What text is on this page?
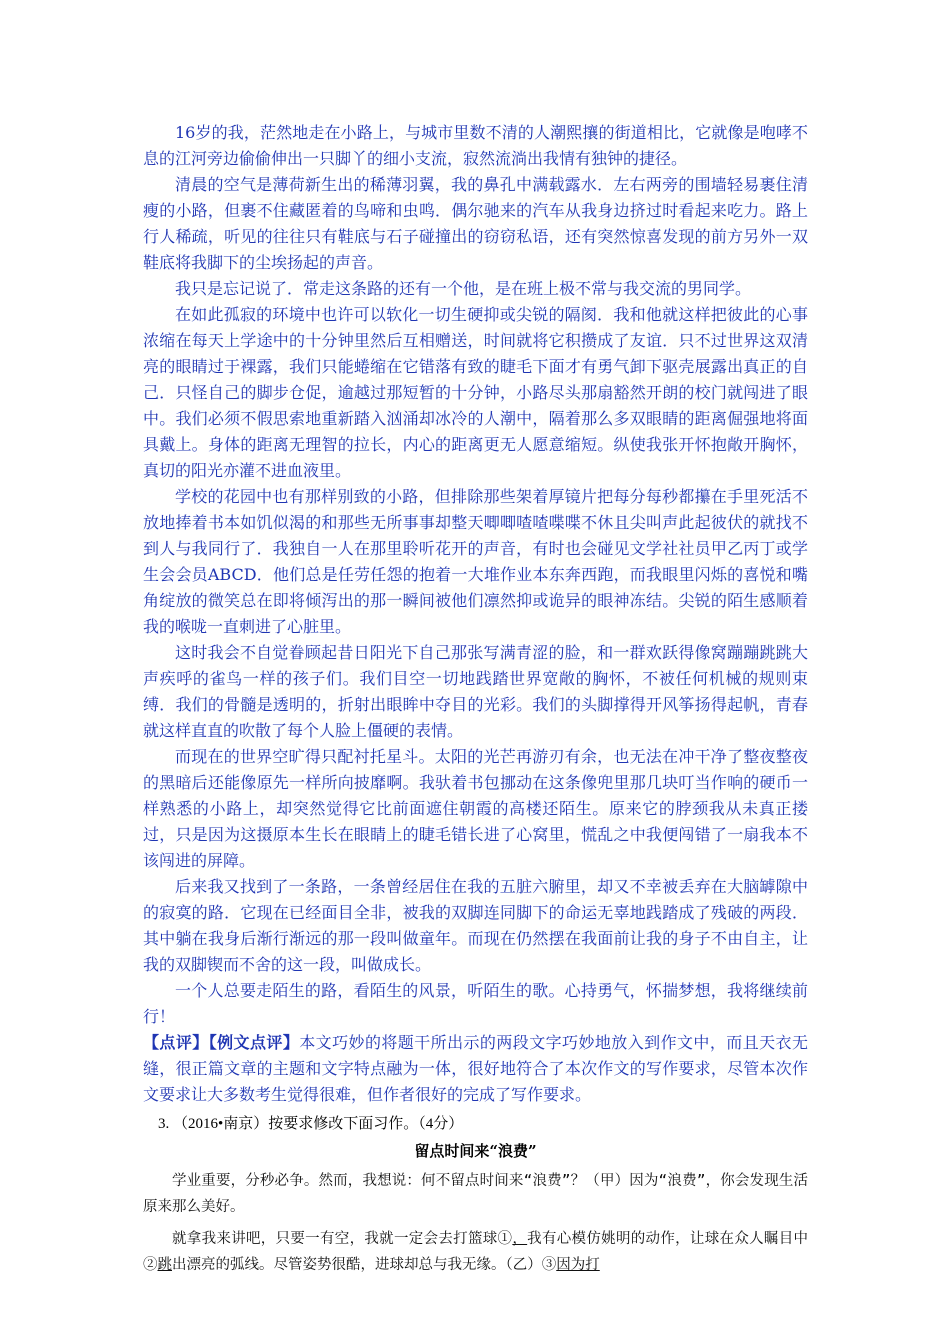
16岁的我，茫然地走在小路上，与城市里数不清的人潮熙攘的街道相比，它就像是咆哮不息的江河旁边偷偷伸出一只脚丫的细小支流，寂然流淌出我情有独钟的捷径。

清晨的空气是薄荷新生出的稀薄羽翼，我的鼻孔中满载露水．左右两旁的围墙轻易裹住清瘦的小路，但裹不住藏匿着的鸟啼和虫鸣．偶尔驰来的汽车从我身边挤过时看起来吃力。路上行人稀疏，听见的往往只有鞋底与石子碰撞出的窃窃私语，还有突然惊喜发现的前方另外一双鞋底将我脚下的尘埃扬起的声音。

我只是忘记说了．常走这条路的还有一个他，是在班上极不常与我交流的男同学。

在如此孤寂的环境中也许可以软化一切生硬抑或尖锐的隔阂．我和他就这样把彼此的心事浓缩在每天上学途中的十分钟里然后互相赠送，时间就将它积攒成了友谊．只不过世界这双清亮的眼睛过于裸露，我们只能蜷缩在它错落有致的睫毛下面才有勇气卸下驱壳展露出真正的自己．只怪自己的脚步仓促，逾越过那短暂的十分钟，小路尽头那扇豁然开朗的校门就闯进了眼中。我们必须不假思索地重新踏入汹涌却冰冷的人潮中，隔着那么多双眼睛的距离倔强地将面具戴上。身体的距离无理智的拉长，内心的距离更无人愿意缩短。纵使我张开怀抱敞开胸怀，真切的阳光亦灌不进血液里。

学校的花园中也有那样别致的小路，但排除那些架着厚镜片把每分每秒都攥在手里死活不放地捧着书本如饥似渴的和那些无所事事却整天唧唧喳喳喋喋不休且尖叫声此起彼伏的就找不到人与我同行了．我独自一人在那里聆听花开的声音，有时也会碰见文学社社员甲乙丙丁或学生会会员ABCD．他们总是任劳任怨的抱着一大堆作业本东奔西跑，而我眼里闪烁的喜悦和嘴角绽放的微笑总在即将倾泻出的那一瞬间被他们凛然抑或诡异的眼神冻结。尖锐的陌生感顺着我的喉咙一直刺进了心脏里。

这时我会不自觉眷顾起昔日阳光下自己那张写满青涩的脸，和一群欢跃得像窝蹦蹦跳跳大声疾呼的雀鸟一样的孩子们。我们目空一切地践踏世界宽敞的胸怀，不被任何机械的规则束缚．我们的骨髓是透明的，折射出眼眸中夺目的光彩。我们的头脚撑得开风筝扬得起帆，青春就这样直直的吹散了每个人脸上僵硬的表情。

而现在的世界空旷得只配衬托星斗。太阳的光芒再游刃有余，也无法在冲干净了整夜整夜的黑暗后还能像原先一样所向披靡啊。我驮着书包挪动在这条像兜里那几块叮当作响的硬币一样熟悉的小路上，却突然觉得它比前面遮住朝霞的高楼还陌生。原来它的脖颈我从未真正搂过，只是因为这摄原本生长在眼睛上的睫毛错长进了心窝里，慌乱之中我便闯错了一扇我本不该闯进的屏障。

后来我又找到了一条路，一条曾经居住在我的五脏六腑里，却又不幸被丢弃在大脑罅隙中的寂寞的路．它现在已经面目全非，被我的双脚连同脚下的命运无辜地践踏成了残破的两段．其中躺在我身后渐行渐远的那一段叫做童年。而现在仍然摆在我面前让我的身子不由自主，让我的双脚锲而不舍的这一段，叫做成长。

一个人总要走陌生的路，看陌生的风景，听陌生的歌。心持勇气，怀揣梦想，我将继续前行！

【点评】【例文点评】本文巧妙的将题干所出示的两段文字巧妙地放入到作文中，而且天衣无缝，很正篇文章的主题和文字特点融为一体，很好地符合了本次作文的写作要求，尽管本次作文要求让大多数考生觉得很难，但作者很好的完成了写作要求。

3. （2016•南京）按要求修改下面习作。（4分）

留点时间来“浪费”

学业重要，分秒必争。然而，我想说：何不留点时间来“浪费”？（甲）因为“浪费”，你会发现生活原来那么美好。

就拿我来讲吧，只要一有空，我就一定会去打篮球①，我有心模仿姚明的动作，让球在众人瞩目中②跳出漂亮的弧线。尽管姿势很酷，进球却总与我无缘。（乙）③因为打
